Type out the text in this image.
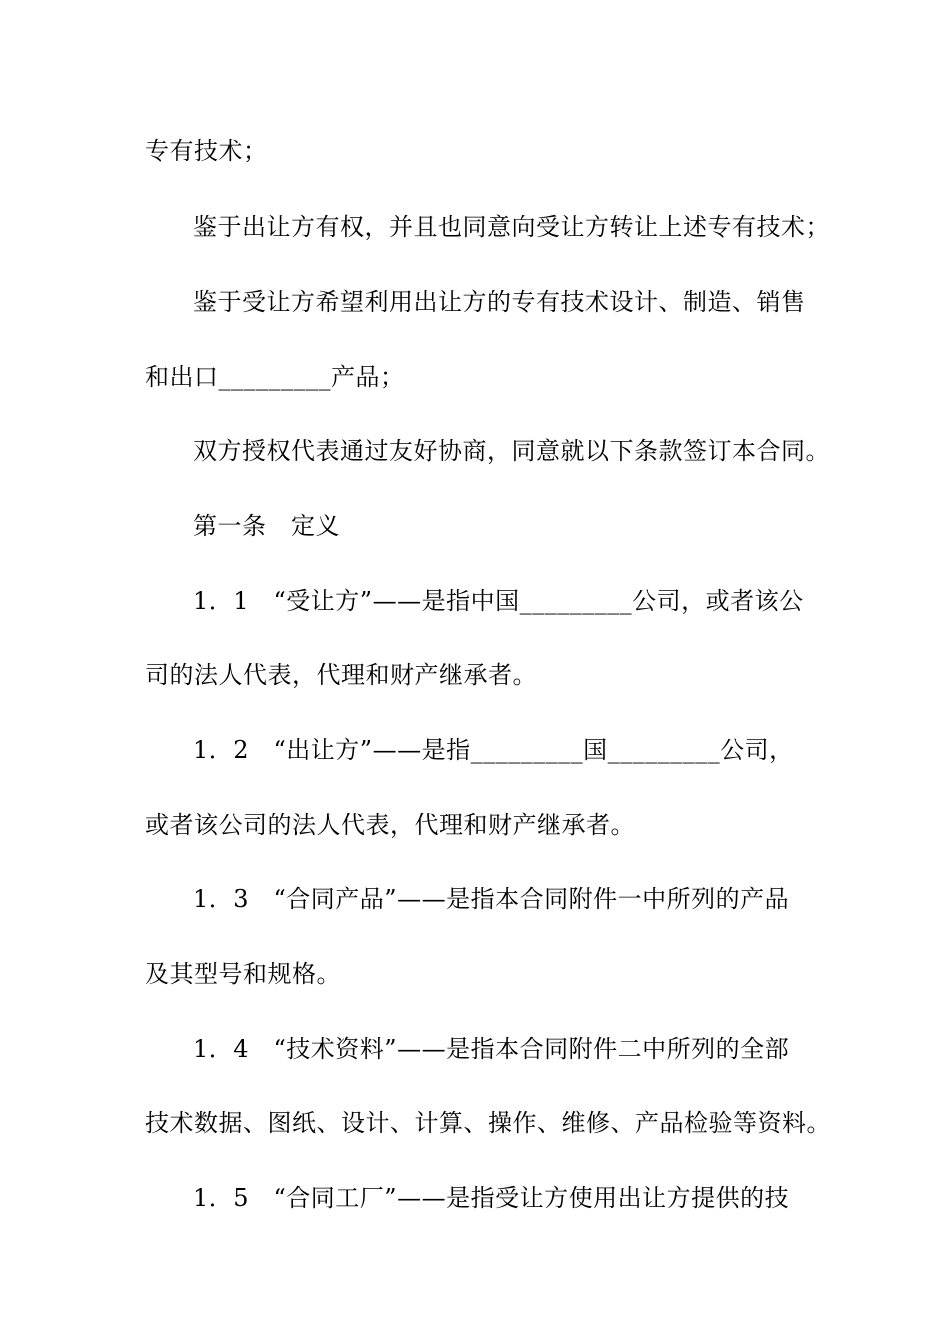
专有技术；
鉴于出让方有权，并且也同意向受让方转让上述专有技术；
鉴于受让方希望利用出让方的专有技术设计、制造、销售
和出口_________产品；
双方授权代表通过友好协商，同意就以下条款签订本合同。
第一条　定义
1．1　“受让方”——是指中国_________公司，或者该公
司的法人代表，代理和财产继承者。
1．2　“出让方”——是指_________国_________公司，
或者该公司的法人代表，代理和财产继承者。
1．3　“合同产品”——是指本合同附件一中所列的产品
及其型号和规格。
1．4　“技术资料”——是指本合同附件二中所列的全部
技术数据、图纸、设计、计算、操作、维修、产品检验等资料。
1．5　“合同工厂”——是指受让方使用出让方提供的技
